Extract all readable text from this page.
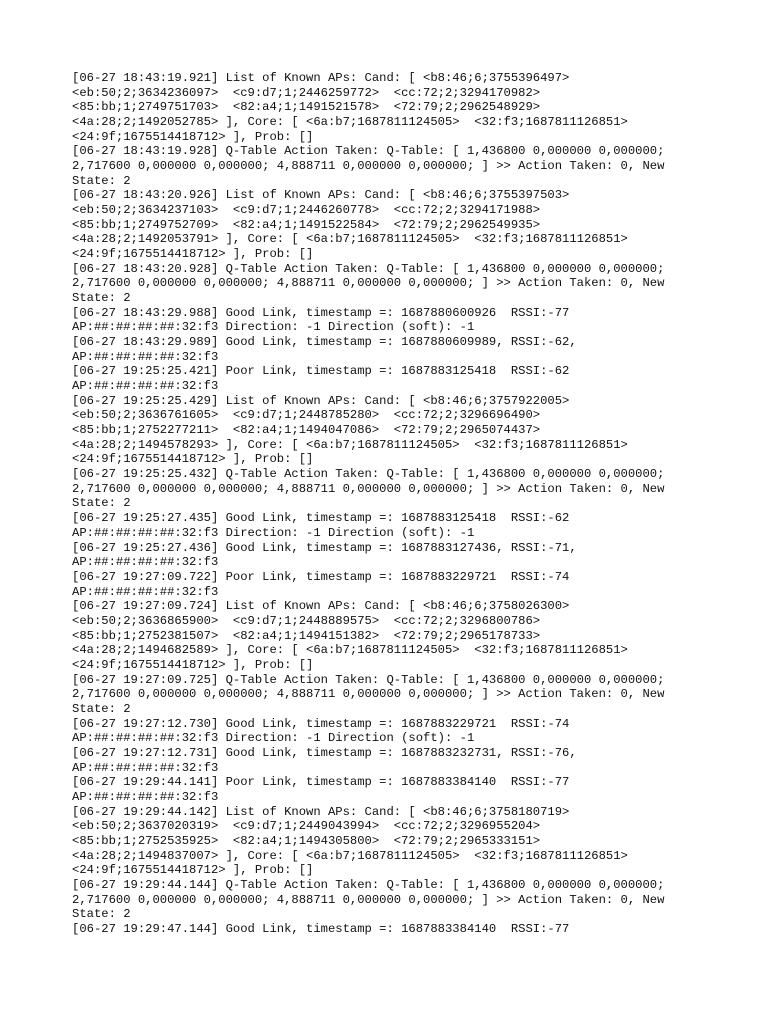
[06-27 18:43:19.921] List of Known APs: Cand: [ <b8:46;6;3755396497>
<eb:50;2;3634236097>  <c9:d7;1;2446259772>  <cc:72;2;3294170982>
<85:bb;1;2749751703>  <82:a4;1;1491521578>  <72:79;2;2962548929>
<4a:28;2;1492052785> ], Core: [ <6a:b7;1687811124505>  <32:f3;1687811126851>
<24:9f;1675514418712> ], Prob: []
[06-27 18:43:19.928] Q-Table Action Taken: Q-Table: [ 1,436800 0,000000 0,000000;
2,717600 0,000000 0,000000; 4,888711 0,000000 0,000000; ] >> Action Taken: 0, New
State: 2
[06-27 18:43:20.926] List of Known APs: Cand: [ <b8:46;6;3755397503>
<eb:50;2;3634237103>  <c9:d7;1;2446260778>  <cc:72;2;3294171988>
<85:bb;1;2749752709>  <82:a4;1;1491522584>  <72:79;2;2962549935>
<4a:28;2;1492053791> ], Core: [ <6a:b7;1687811124505>  <32:f3;1687811126851>
<24:9f;1675514418712> ], Prob: []
[06-27 18:43:20.928] Q-Table Action Taken: Q-Table: [ 1,436800 0,000000 0,000000;
2,717600 0,000000 0,000000; 4,888711 0,000000 0,000000; ] >> Action Taken: 0, New
State: 2
[06-27 18:43:29.988] Good Link, timestamp =: 1687880600926  RSSI:-77
AP:##:##:##:##:32:f3 Direction: -1 Direction (soft): -1
[06-27 18:43:29.989] Good Link, timestamp =: 1687880609989, RSSI:-62,
AP:##:##:##:##:32:f3
[06-27 19:25:25.421] Poor Link, timestamp =: 1687883125418  RSSI:-62
AP:##:##:##:##:32:f3
[06-27 19:25:25.429] List of Known APs: Cand: [ <b8:46;6;3757922005>
<eb:50;2;3636761605>  <c9:d7;1;2448785280>  <cc:72;2;3296696490>
<85:bb;1;2752277211>  <82:a4;1;1494047086>  <72:79;2;2965074437>
<4a:28;2;1494578293> ], Core: [ <6a:b7;1687811124505>  <32:f3;1687811126851>
<24:9f;1675514418712> ], Prob: []
[06-27 19:25:25.432] Q-Table Action Taken: Q-Table: [ 1,436800 0,000000 0,000000;
2,717600 0,000000 0,000000; 4,888711 0,000000 0,000000; ] >> Action Taken: 0, New
State: 2
[06-27 19:25:27.435] Good Link, timestamp =: 1687883125418  RSSI:-62
AP:##:##:##:##:32:f3 Direction: -1 Direction (soft): -1
[06-27 19:25:27.436] Good Link, timestamp =: 1687883127436, RSSI:-71,
AP:##:##:##:##:32:f3
[06-27 19:27:09.722] Poor Link, timestamp =: 1687883229721  RSSI:-74
AP:##:##:##:##:32:f3
[06-27 19:27:09.724] List of Known APs: Cand: [ <b8:46;6;3758026300>
<eb:50;2;3636865900>  <c9:d7;1;2448889575>  <cc:72;2;3296800786>
<85:bb;1;2752381507>  <82:a4;1;1494151382>  <72:79;2;2965178733>
<4a:28;2;1494682589> ], Core: [ <6a:b7;1687811124505>  <32:f3;1687811126851>
<24:9f;1675514418712> ], Prob: []
[06-27 19:27:09.725] Q-Table Action Taken: Q-Table: [ 1,436800 0,000000 0,000000;
2,717600 0,000000 0,000000; 4,888711 0,000000 0,000000; ] >> Action Taken: 0, New
State: 2
[06-27 19:27:12.730] Good Link, timestamp =: 1687883229721  RSSI:-74
AP:##:##:##:##:32:f3 Direction: -1 Direction (soft): -1
[06-27 19:27:12.731] Good Link, timestamp =: 1687883232731, RSSI:-76,
AP:##:##:##:##:32:f3
[06-27 19:29:44.141] Poor Link, timestamp =: 1687883384140  RSSI:-77
AP:##:##:##:##:32:f3
[06-27 19:29:44.142] List of Known APs: Cand: [ <b8:46;6;3758180719>
<eb:50;2;3637020319>  <c9:d7;1;2449043994>  <cc:72;2;3296955204>
<85:bb;1;2752535925>  <82:a4;1;1494305800>  <72:79;2;2965333151>
<4a:28;2;1494837007> ], Core: [ <6a:b7;1687811124505>  <32:f3;1687811126851>
<24:9f;1675514418712> ], Prob: []
[06-27 19:29:44.144] Q-Table Action Taken: Q-Table: [ 1,436800 0,000000 0,000000;
2,717600 0,000000 0,000000; 4,888711 0,000000 0,000000; ] >> Action Taken: 0, New
State: 2
[06-27 19:29:47.144] Good Link, timestamp =: 1687883384140  RSSI:-77
